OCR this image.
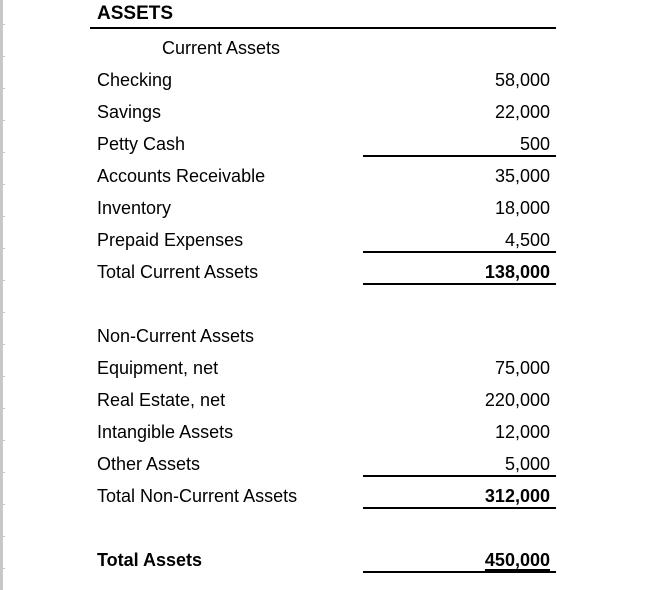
ASSETS
Current Assets
Checking	58,000
Savings	22,000
Petty Cash	500
Accounts Receivable	35,000
Inventory	18,000
Prepaid Expenses	4,500
Total Current Assets	138,000
Non-Current Assets
Equipment, net	75,000
Real Estate, net	220,000
Intangible Assets	12,000
Other Assets	5,000
Total Non-Current Assets	312,000
Total Assets	450,000
